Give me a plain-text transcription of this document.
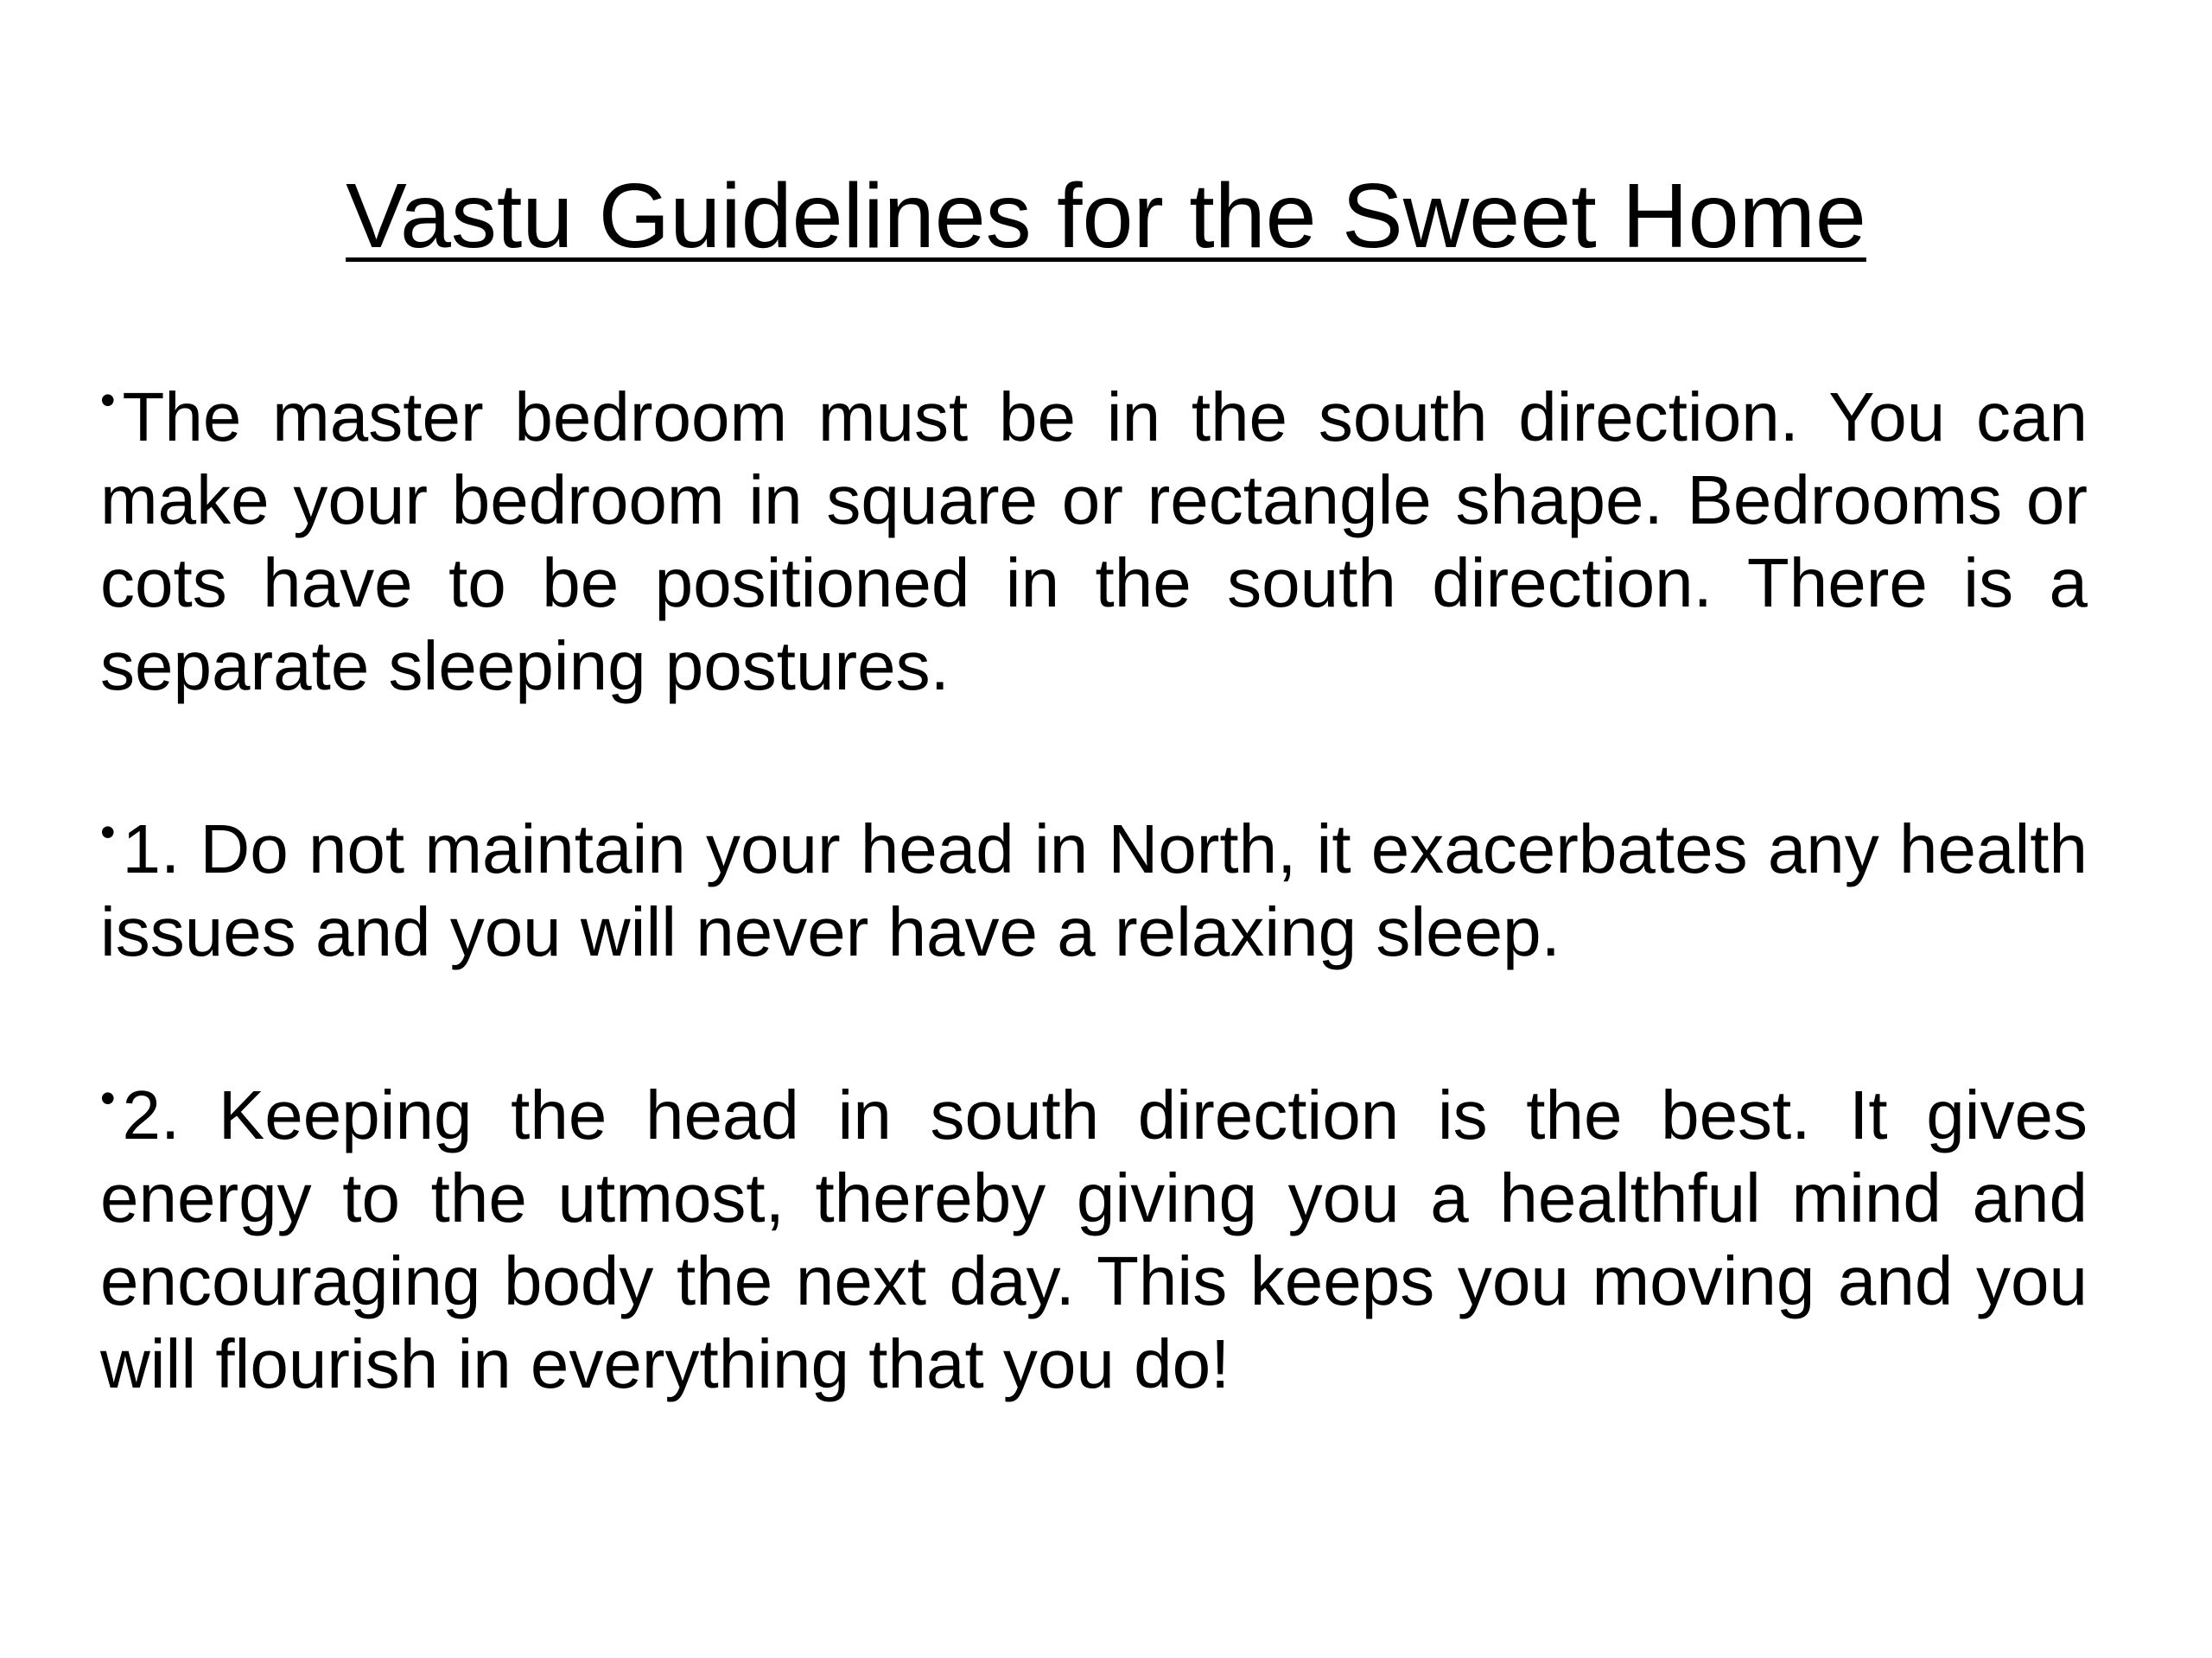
Vastu Guidelines for the Sweet Home
• The master bedroom must be in the south direction. You can make your bedroom in square or rectangle shape. Bedrooms or cots have to be positioned in the south direction. There is a separate sleeping postures.
• 1. Do not maintain your head in North, it exacerbates any health issues and you will never have a relaxing sleep.
• 2. Keeping the head in south direction is the best. It gives energy to the utmost, thereby giving you a healthful mind and encouraging body the next day. This keeps you moving and you will flourish in everything that you do!
